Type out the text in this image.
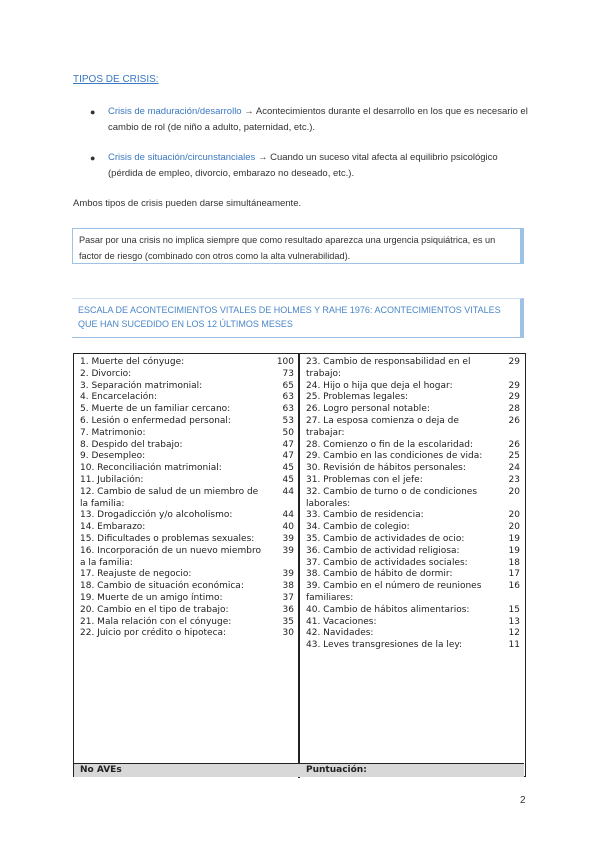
TIPOS DE CRISIS:
● Crisis de maduración/desarrollo → Acontecimientos durante el desarrollo en los que es necesario el cambio de rol (de niño a adulto, paternidad, etc.).
● Crisis de situación/circunstanciales → Cuando un suceso vital afecta al equilibrio psicológico (pérdida de empleo, divorcio, embarazo no deseado, etc.).
Ambos tipos de crisis pueden darse simultáneamente.
Pasar por una crisis no implica siempre que como resultado aparezca una urgencia psiquiátrica, es un factor de riesgo (combinado con otros como la alta vulnerabilidad).
ESCALA DE ACONTECIMIENTOS VITALES DE HOLMES Y RAHE 1976: ACONTECIMIENTOS VITALES QUE HAN SUCEDIDO EN LOS 12 ÚLTIMOS MESES
1. Muerte del cónyuge:	100
2. Divorcio:	73
3. Separación matrimonial:	65
4. Encarcelación:	63
5. Muerte de un familiar cercano:	63
6. Lesión o enfermedad personal:	53
7. Matrimonio:	50
8. Despido del trabajo:	47
9. Desempleo:	47
10. Reconciliación matrimonial:	45
11. Jubilación:	45
12. Cambio de salud de un miembro de la familia:
44
13. Drogadicción y/o alcoholismo:	44
14. Embarazo:	40
15. Dificultades o problemas sexuales:	39
16. Incorporación de un nuevo miembro a la familia:
39
17. Reajuste de negocio:	39
18. Cambio de situación económica:	38
19. Muerte de un amigo íntimo:	37
20. Cambio en el tipo de trabajo:	36
21. Mala relación con el cónyuge:	35
22. Juicio por crédito o hipoteca:	30
23. Cambio de responsabilidad en el trabajo:
29
24. Hijo o hija que deja el hogar:	29
25. Problemas legales:	29
26. Logro personal notable:	28
27. La esposa comienza o deja de trabajar:
26
28. Comienzo o fin de la escolaridad:	26
29. Cambio en las condiciones de vida:	25
30. Revisión de hábitos personales:	24
31. Problemas con el jefe:	23
32. Cambio de turno o de condiciones laborales:
20
33. Cambio de residencia:	20
34. Cambio de colegio:	20
35. Cambio de actividades de ocio:	19
36. Cambio de actividad religiosa:	19
37. Cambio de actividades sociales:	18
38. Cambio de hábito de dormir:	17
39. Cambio en el número de reuniones familiares:
16
40. Cambio de hábitos alimentarios:	15
41. Vacaciones:	13
42. Navidades:	12
43. Leves transgresiones de la ley:	11
No AVEs	Puntuación:
2
